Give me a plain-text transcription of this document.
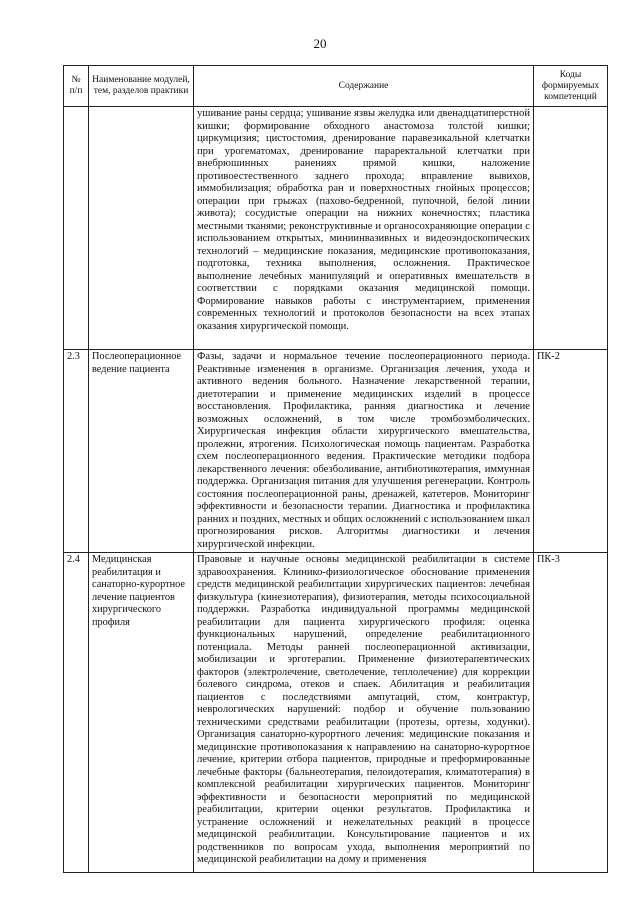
20
№ п/п	Наименование модулей, тем, разделов практики	Содержание	Коды формируемых компетенций
		ушивание раны сердца; ушивание язвы желудка или двенадцатиперстной кишки; формирование обходного анастомоза толстой кишки; циркумцизия; цистостомия, дренирование паравезикальной клетчатки при урогематомах, дренирование параректальной клетчатки при внебрюшинных ранениях прямой кишки, наложение противоестественного заднего прохода; вправление вывихов, иммобилизация; обработка ран и поверхностных гнойных процессов; операции при грыжах (пахово-бедренной, пупочной, белой линии живота); сосудистые операции на нижних конечностях; пластика местными тканями; реконструктивные и органосохраняющие операции с использованием открытых, миниинвазивных и видеоэндоскопических технологий – медицинские показания, медицинские противопоказания, подготовка, техника выполнения, осложнения. Практическое выполнение лечебных манипуляций и оперативных вмешательств в соответствии с порядками оказания медицинской помощи. Формирование навыков работы с инструментарием, применения современных технологий и протоколов безопасности на всех этапах оказания хирургической помощи.	
2.3	Послеоперационное ведение пациента	Фазы, задачи и нормальное течение послеоперационного периода. Реактивные изменения в организме. Организация лечения, ухода и активного ведения больного. Назначение лекарственной терапии, диетотерапии и применение медицинских изделий в процессе восстановления. Профилактика, ранняя диагностика и лечение возможных осложнений, в том числе тромбоэмболических. Хирургическая инфекция области хирургического вмешательства, пролежни, ятрогения. Психологическая помощь пациентам. Разработка схем послеоперационного ведения. Практические методики подбора лекарственного лечения: обезболивание, антибиотикотерапия, иммунная поддержка. Организация питания для улучшения регенерации. Контроль состояния послеоперационной раны, дренажей, катетеров. Мониторинг эффективности и безопасности терапии. Диагностика и профилактика ранних и поздних, местных и общих осложнений с использованием шкал прогнозирования рисков. Алгоритмы диагностики и лечения хирургической инфекции.	ПК-2
2.4	Медицинская реабилитация и санаторно-курортное лечение пациентов хирургического профиля	Правовые и научные основы медицинской реабилитации в системе здравоохранения. Клинико-физиологическое обоснование применения средств медицинской реабилитации хирургических пациентов: лечебная физкультура (кинезиотерапия), физиотерапия, методы психосоциальной поддержки. Разработка индивидуальной программы медицинской реабилитации для пациента хирургического профиля: оценка функциональных нарушений, определение реабилитационного потенциала. Методы ранней послеоперационной активизации, мобилизации и эрготерапии. Применение физиотерапевтических факторов (электролечение, светолечение, теплолечение) для коррекции болевого синдрома, отеков и спаек. Абилитация и реабилитация пациентов с последствиями ампутаций, стом, контрактур, неврологических нарушений: подбор и обучение пользованию техническими средствами реабилитации (протезы, ортезы, ходунки). Организация санаторно-курортного лечения: медицинские показания и медицинские противопоказания к направлению на санаторно-курортное лечение, критерии отбора пациентов, природные и преформированные лечебные факторы (бальнеотерапия, пелоидотерапия, климатотерапия) в комплексной реабилитации хирургических пациентов. Мониторинг эффективности и безопасности мероприятий по медицинской реабилитации, критерии оценки результатов. Профилактика и устранение осложнений и нежелательных реакций в процессе медицинской реабилитации. Консультирование пациентов и их родственников по вопросам ухода, выполнения мероприятий по медицинской реабилитации на дому и применения	ПК-3
